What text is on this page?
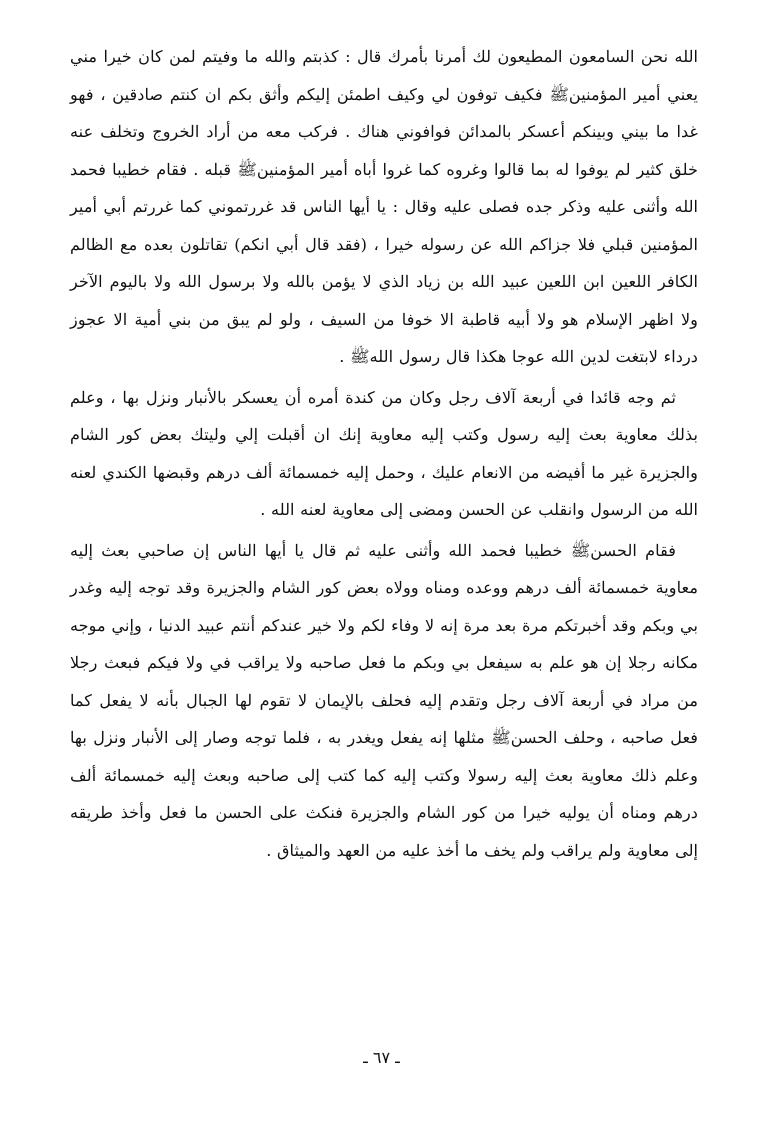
الله نحن السامعون المطيعون لك أمرنا بأمرك قال : كذبتم والله ما وفيتم لمن كان خيرا مني يعني أمير المؤمنينﷺ فكيف توفون لي وكيف اطمئن إليكم وأثق بكم ان كنتم صادقين ، فهو غدا ما بيني وبينكم أعسكر بالمدائن فوافوني هناك . فركب معه من أراد الخروج وتخلف عنه خلق كثير لم يوفوا له بما قالوا وغروه كما غروا أباه أمير المؤمنينﷺ قبله . فقام خطيبا فحمد الله وأثنى عليه وذكر جده فصلى عليه وقال : يا أيها الناس قد غررتموني كما غررتم أبي أمير المؤمنين قبلي فلا جزاكم الله عن رسوله خيرا ، (فقد قال أبي انكم) تقاتلون بعده مع الظالم الكافر اللعين ابن اللعين عبيد الله بن زياد الذي لا يؤمن بالله ولا برسول الله ولا باليوم الآخر ولا اظهر الإسلام هو ولا أبيه قاطبة الا خوفا من السيف ، ولو لم يبق من بني أمية الا عجوز درداء لابتغت لدين الله عوجا هكذا قال رسول اللهﷺ .

ثم وجه قائدا في أربعة آلاف رجل وكان من كندة أمره أن يعسكر بالأنبار ونزل بها ، وعلم بذلك معاوية بعث إليه رسول وكتب إليه معاوية إنك ان أقبلت إلي وليتك بعض كور الشام والجزيرة غير ما أفيضه من الانعام عليك ، وحمل إليه خمسمائة ألف درهم وقبضها الكندي لعنه الله من الرسول وانقلب عن الحسن ومضى إلى معاوية لعنه الله .

فقام الحسنﷺ خطيبا فحمد الله وأثنى عليه ثم قال يا أيها الناس إن صاحبي بعث إليه معاوية خمسمائة ألف درهم ووعده ومناه وولاه بعض كور الشام والجزيرة وقد توجه إليه وغدر بي وبكم وقد أخبرتكم مرة بعد مرة إنه لا وفاء لكم ولا خير عندكم أنتم عبيد الدنيا ، وإني موجه مكانه رجلا إن هو علم به سيفعل بي وبكم ما فعل صاحبه ولا يراقب في ولا فيكم فبعث رجلا من مراد في أربعة آلاف رجل وتقدم إليه فحلف بالإيمان لا تقوم لها الجبال بأنه لا يفعل كما فعل صاحبه ، وحلف الحسنﷺ مثلها إنه يفعل ويغدر به ، فلما توجه وصار إلى الأنبار ونزل بها وعلم ذلك معاوية بعث إليه رسولا وكتب إليه كما كتب إلى صاحبه وبعث إليه خمسمائة ألف درهم ومناه أن يوليه خيرا من كور الشام والجزيرة فنكث على الحسن ما فعل وأخذ طريقه إلى معاوية ولم يراقب ولم يخف ما أخذ عليه من العهد والميثاق .

ـ ٦٧ ـ
